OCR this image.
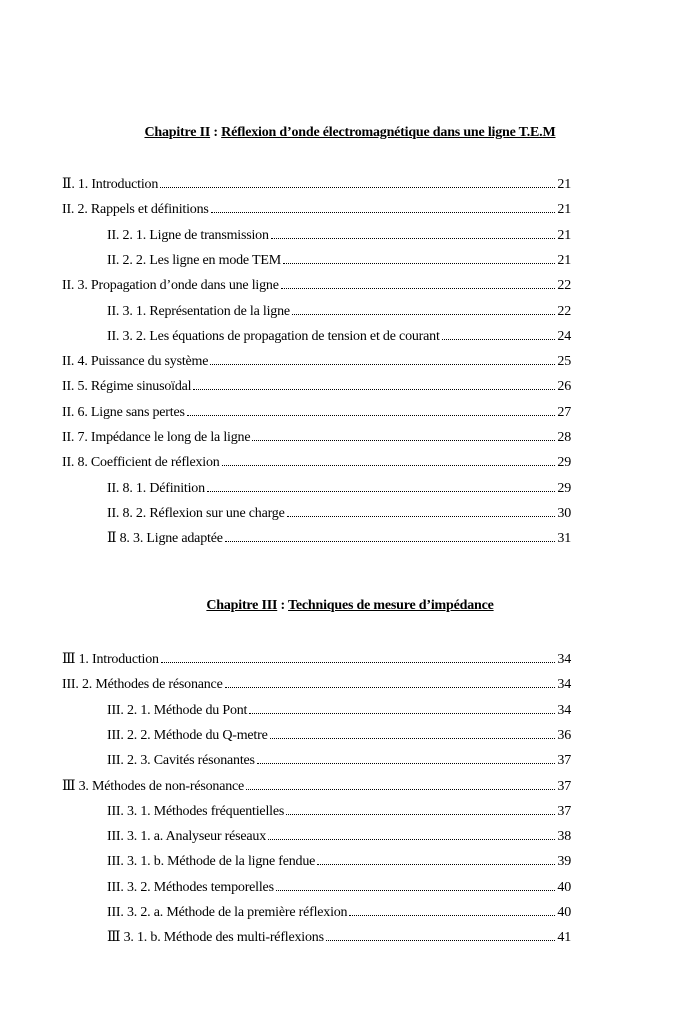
Chapitre II : Réflexion d’onde électromagnétique dans une ligne T.E.M
Ⅱ. 1. Introduction	21
II. 2. Rappels et définitions	21
II. 2. 1. Ligne de transmission	21
II. 2. 2. Les ligne en mode TEM	21
II. 3. Propagation d’onde dans une ligne	22
II. 3. 1. Représentation de la ligne	22
II. 3. 2. Les équations de propagation de tension et de courant	24
II. 4. Puissance du système	25
II. 5. Régime sinusoïdal	26
II. 6. Ligne sans pertes	27
II. 7. Impédance le long de la ligne	28
II. 8. Coefficient de réflexion	29
II. 8. 1. Définition	29
II. 8. 2. Réflexion sur une charge	30
Ⅱ 8. 3. Ligne adaptée	31
Chapitre III : Techniques de mesure d’impédance
Ⅲ 1. Introduction	34
III. 2. Méthodes de résonance	34
III. 2. 1. Méthode du Pont	34
III. 2. 2. Méthode du Q-metre	36
III. 2. 3. Cavités résonantes	37
Ⅲ 3. Méthodes de non-résonance	37
III. 3. 1. Méthodes fréquentielles	37
III. 3. 1. a. Analyseur réseaux	38
III. 3. 1. b. Méthode de la ligne fendue	39
III. 3. 2. Méthodes temporelles	40
III. 3. 2. a. Méthode de la première réflexion	40
Ⅲ 3. 1. b. Méthode des multi-réflexions	41
